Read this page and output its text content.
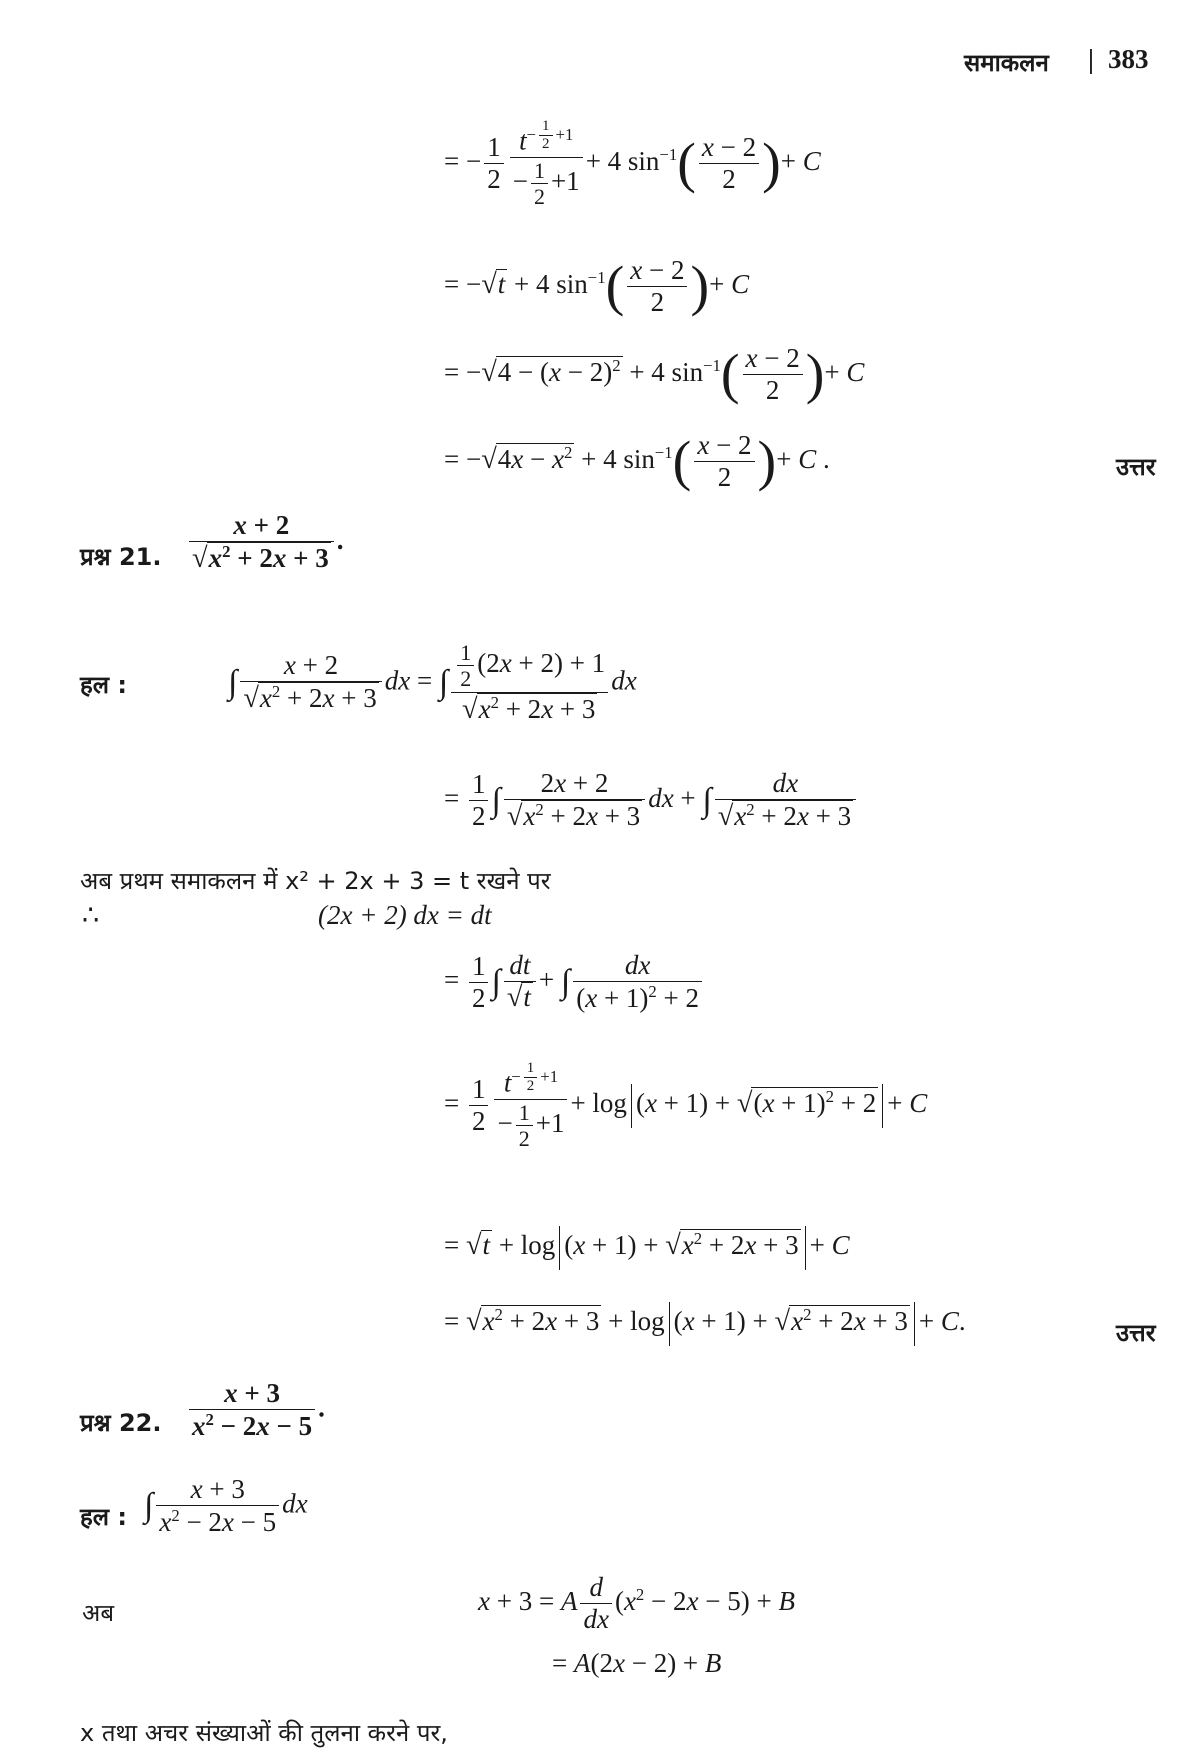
समाकलन | 383
= − $\frac{1}{2} t^{- \frac{1}{2} +1}$
− $\frac{1}{2} +1 + 4$ $\sin^{-1}( \frac{x - 2}{2}$ )+ C
= −√t + 4 $\sin^{-1}( \frac{x - 2}{2}$ )+ C
= $-√4 - (x - 2)^2 + 4$ $\sin^{-1}( \frac{x - 2}{2}$ )+ C
= $-√4x - x^2 + 4$ $\sin^{-1}( \frac{x - 2}{2}$ )+ C .	उत्तर
प्रश्न 21. $\frac{x + 2}{√x^2 + 2x + 3}$ .
हल :	∫ $\frac{x + 2}{√x^2 + 2x + 3}$ dx = ∫ $\frac{\frac{1}{2} (2x + 2) + 1}{√x^2 + 2x + 3}$ dx
= $\frac{1}{2}$ ∫ $\frac{2x + 2}{√x^2 + 2x + 3}$ dx + ∫ $\frac{dx}{√x^2 + 2x + 3}$
अब प्रथम समाकलन में x² + 2x + 3 = t रखने पर
∴	(2x + 2) dx = dt
= $\frac{1}{2}$ ∫ $\frac{dt}{√t}$ + ∫ $\frac{dx}{(x + 1)^2 + 2}$
= $\frac{1}{2} t^{- \frac{1}{2} +1}$
− $\frac{1}{2} +1 + \log (x + 1) + √(x + 1)^2 + 2 + C$
= $√t + \log (x + 1) + √x^2 + 2x + 3 + C$
= $√x^2 + 2x + 3 + \log (x + 1) + √x^2 + 2x + 3 + C$.	उत्तर
प्रश्न 22. $\frac{x + 3}{x^2 - 2x - 5}$ .
हल : ∫ $\frac{x + 3}{x^2 - 2x - 5}$ dx
अब	x + 3 = A $\frac{d}{dx} (x^2 - 2x - 5) + B$
= A(2x − 2) + B
x तथा अचर संख्याओं की तुलना करने पर,
